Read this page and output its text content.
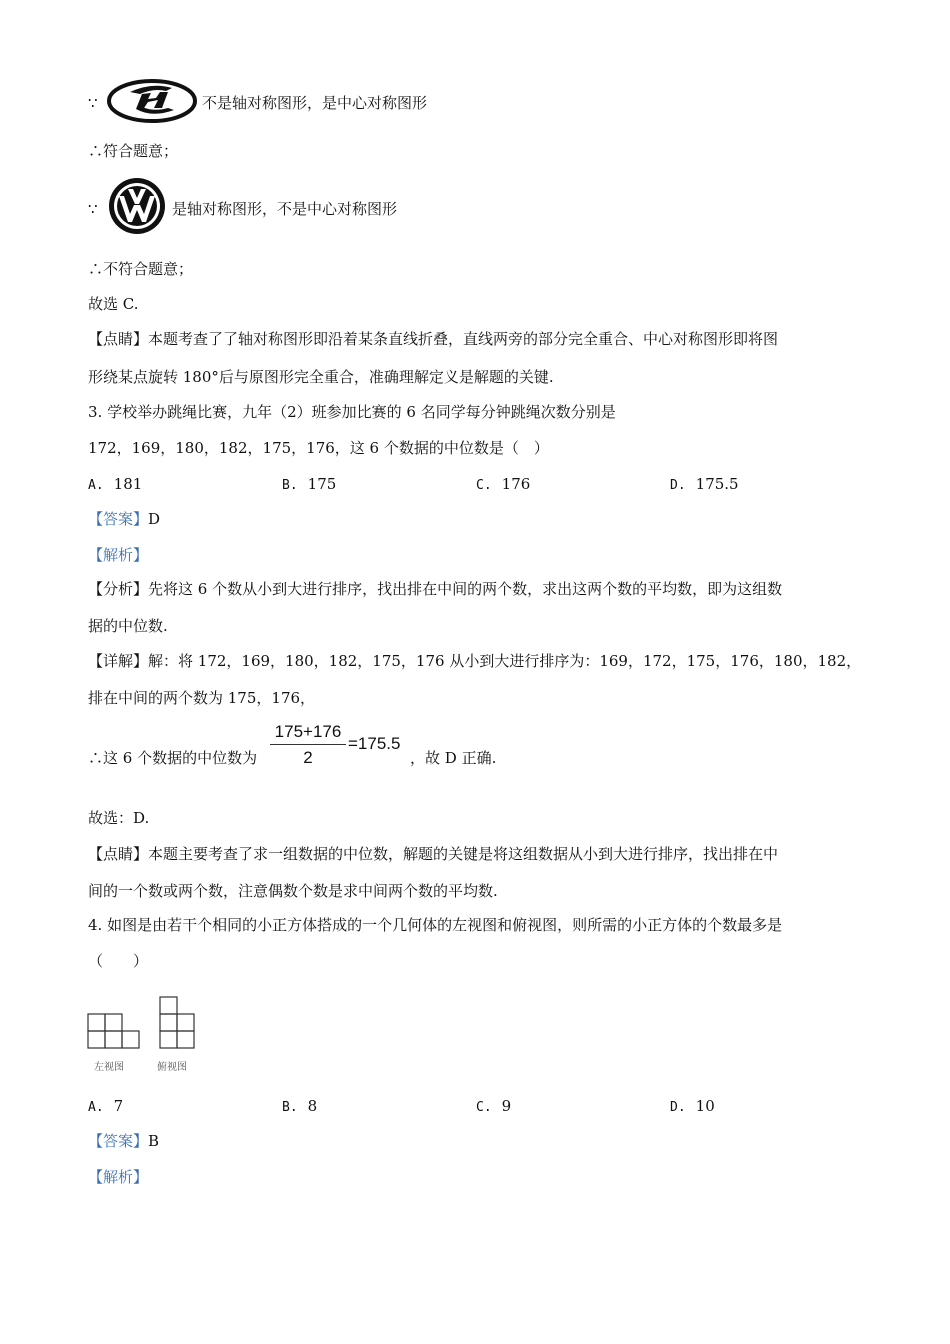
∵	不是轴对称图形，是中心对称图形
∴符合题意；
∵	是轴对称图形，不是中心对称图形
∴不符合题意；
故选 C.
【点睛】本题考查了了轴对称图形即沿着某条直线折叠，直线两旁的部分完全重合、中心对称图形即将图
形绕某点旋转 180°后与原图形完全重合，准确理解定义是解题的关键.
3. 学校举办跳绳比赛，九年（2）班参加比赛的 6 名同学每分钟跳绳次数分别是
172，169，180，182，175，176，这 6 个数据的中位数是（　）
A. 181	B. 175	C. 176	D. 175.5
【答案】D
【解析】
【分析】先将这 6 个数从小到大进行排序，找出排在中间的两个数，求出这两个数的平均数，即为这组数
据的中位数.
【详解】解：将 172，169，180，182，175，176 从小到大进行排序为：169，172，175，176，180，182，
排在中间的两个数为 175，176，
∴这 6 个数据的中位数为 $\frac{175+176}{2} =175.5$
，故 D 正确.
故选：D.
【点睛】本题主要考查了求一组数据的中位数，解题的关键是将这组数据从小到大进行排序，找出排在中
间的一个数或两个数，注意偶数个数是求中间两个数的平均数.
4. 如图是由若干个相同的小正方体搭成的一个几何体的左视图和俯视图，则所需的小正方体的个数最多是
（　　）
左视图	俯视图
A. 7	B. 8	C. 9	D. 10
【答案】B
【解析】
